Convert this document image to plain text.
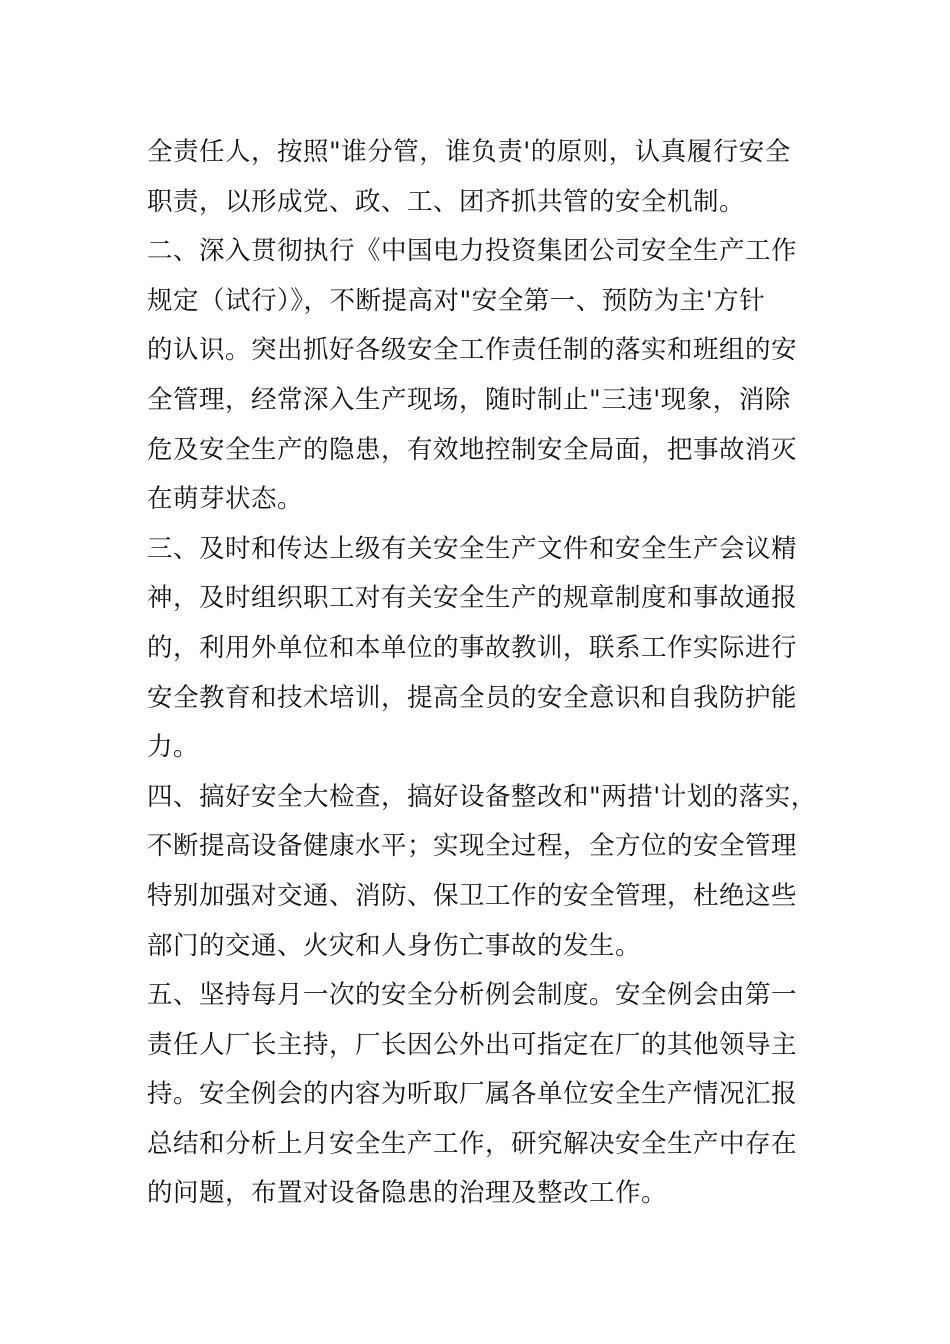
全责任人，按照"谁分管，谁负责'的原则，认真履行安全
职责，以形成党、政、工、团齐抓共管的安全机制。
二、深入贯彻执行《中国电力投资集团公司安全生产工作
规定（试行）》，不断提高对"安全第一、预防为主'方针
的认识。突出抓好各级安全工作责任制的落实和班组的安
全管理，经常深入生产现场，随时制止"三违'现象，消除
危及安全生产的隐患，有效地控制安全局面，把事故消灭
在萌芽状态。
三、及时和传达上级有关安全生产文件和安全生产会议精
神，及时组织职工对有关安全生产的规章制度和事故通报
的，利用外单位和本单位的事故教训，联系工作实际进行
安全教育和技术培训，提高全员的安全意识和自我防护能
力。
四、搞好安全大检查，搞好设备整改和"两措'计划的落实，
不断提高设备健康水平；实现全过程，全方位的安全管理
特别加强对交通、消防、保卫工作的安全管理，杜绝这些
部门的交通、火灾和人身伤亡事故的发生。
五、坚持每月一次的安全分析例会制度。安全例会由第一
责任人厂长主持，厂长因公外出可指定在厂的其他领导主
持。安全例会的内容为听取厂属各单位安全生产情况汇报
总结和分析上月安全生产工作，研究解决安全生产中存在
的问题，布置对设备隐患的治理及整改工作。
